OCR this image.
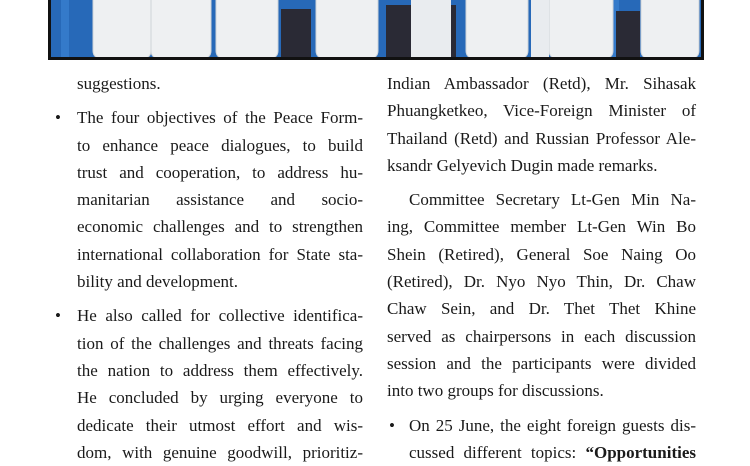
suggestions.
• The four objectives of the Peace Form-
to enhance peace dialogues, to build
trust and cooperation, to address hu-
manitarian assistance and socio-
economic challenges and to strengthen
international collaboration for State sta-
bility and development.
• He also called for collective identifica-
tion of the challenges and threats facing
the nation to address them effectively.
He concluded by urging everyone to
dedicate their utmost effort and wis-
dom, with genuine goodwill, prioritiz-
Indian Ambassador (Retd), Mr. Sihasak
Phuangketkeo, Vice-Foreign Minister of
Thailand (Retd) and Russian Professor Ale-
ksandr Gelyevich Dugin made remarks.
Committee Secretary Lt-Gen Min Na-
ing, Committee member Lt-Gen Win Bo
Shein (Retired), General Soe Naing Oo
(Retired), Dr. Nyo Nyo Thin, Dr. Chaw
Chaw Sein, and Dr. Thet Thet Khine
served as chairpersons in each discussion
session and the participants were divided
into two groups for discussions.
• On 25 June, the eight foreign guests dis-
cussed different topics: “Opportunities
